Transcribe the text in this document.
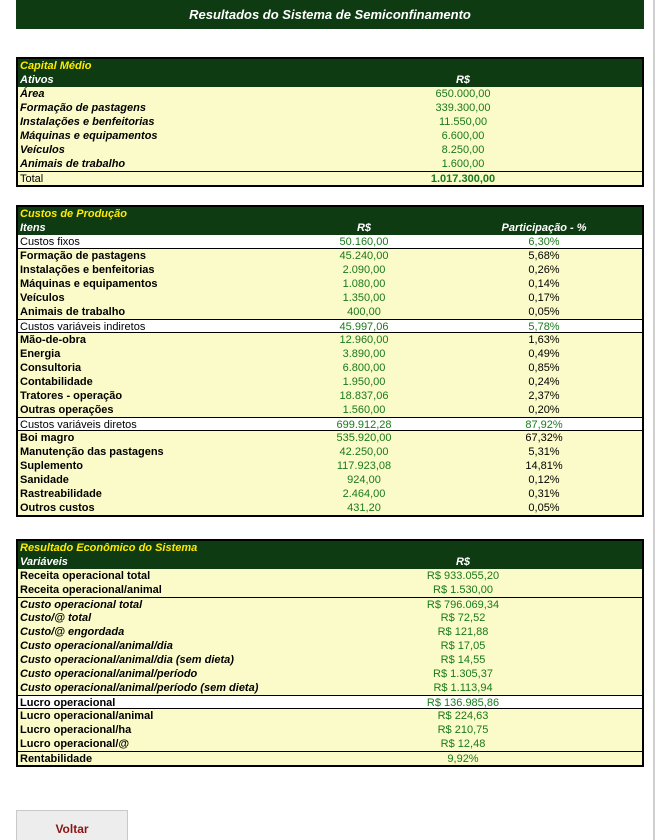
Resultados do Sistema de Semiconfinamento
Capital Médio
Ativos	R$
Área	650.000,00
Formação de pastagens	339.300,00
Instalações e benfeitorias	11.550,00
Máquinas e equipamentos	6.600,00
Veículos	8.250,00
Animais de trabalho	1.600,00
Total	1.017.300,00
Custos de Produção
Itens	R$	Participação - %
Custos fixos	50.160,00	6,30%
Formação de pastagens	45.240,00	5,68%
Instalações e benfeitorias	2.090,00	0,26%
Máquinas e equipamentos	1.080,00	0,14%
Veículos	1.350,00	0,17%
Animais de trabalho	400,00	0,05%
Custos variáveis indiretos	45.997,06	5,78%
Mão-de-obra	12.960,00	1,63%
Energia	3.890,00	0,49%
Consultoria	6.800,00	0,85%
Contabilidade	1.950,00	0,24%
Tratores - operação	18.837,06	2,37%
Outras operações	1.560,00	0,20%
Custos variáveis diretos	699.912,28	87,92%
Boi magro	535.920,00	67,32%
Manutenção das pastagens	42.250,00	5,31%
Suplemento	117.923,08	14,81%
Sanidade	924,00	0,12%
Rastreabilidade	2.464,00	0,31%
Outros custos	431,20	0,05%
Resultado Econômico do Sistema
Variáveis	R$
Receita operacional total	R$ 933.055,20
Receita operacional/animal	R$ 1.530,00
Custo operacional total	R$ 796.069,34
Custo/@ total	R$ 72,52
Custo/@ engordada	R$ 121,88
Custo operacional/animal/dia	R$ 17,05
Custo operacional/animal/dia (sem dieta)	R$ 14,55
Custo operacional/animal/período	R$ 1.305,37
Custo operacional/animal/período (sem dieta)	R$ 1.113,94
Lucro operacional	R$ 136.985,86
Lucro operacional/animal	R$ 224,63
Lucro operacional/ha	R$ 210,75
Lucro operacional/@	R$ 12,48
Rentabilidade	9,92%
Voltar
